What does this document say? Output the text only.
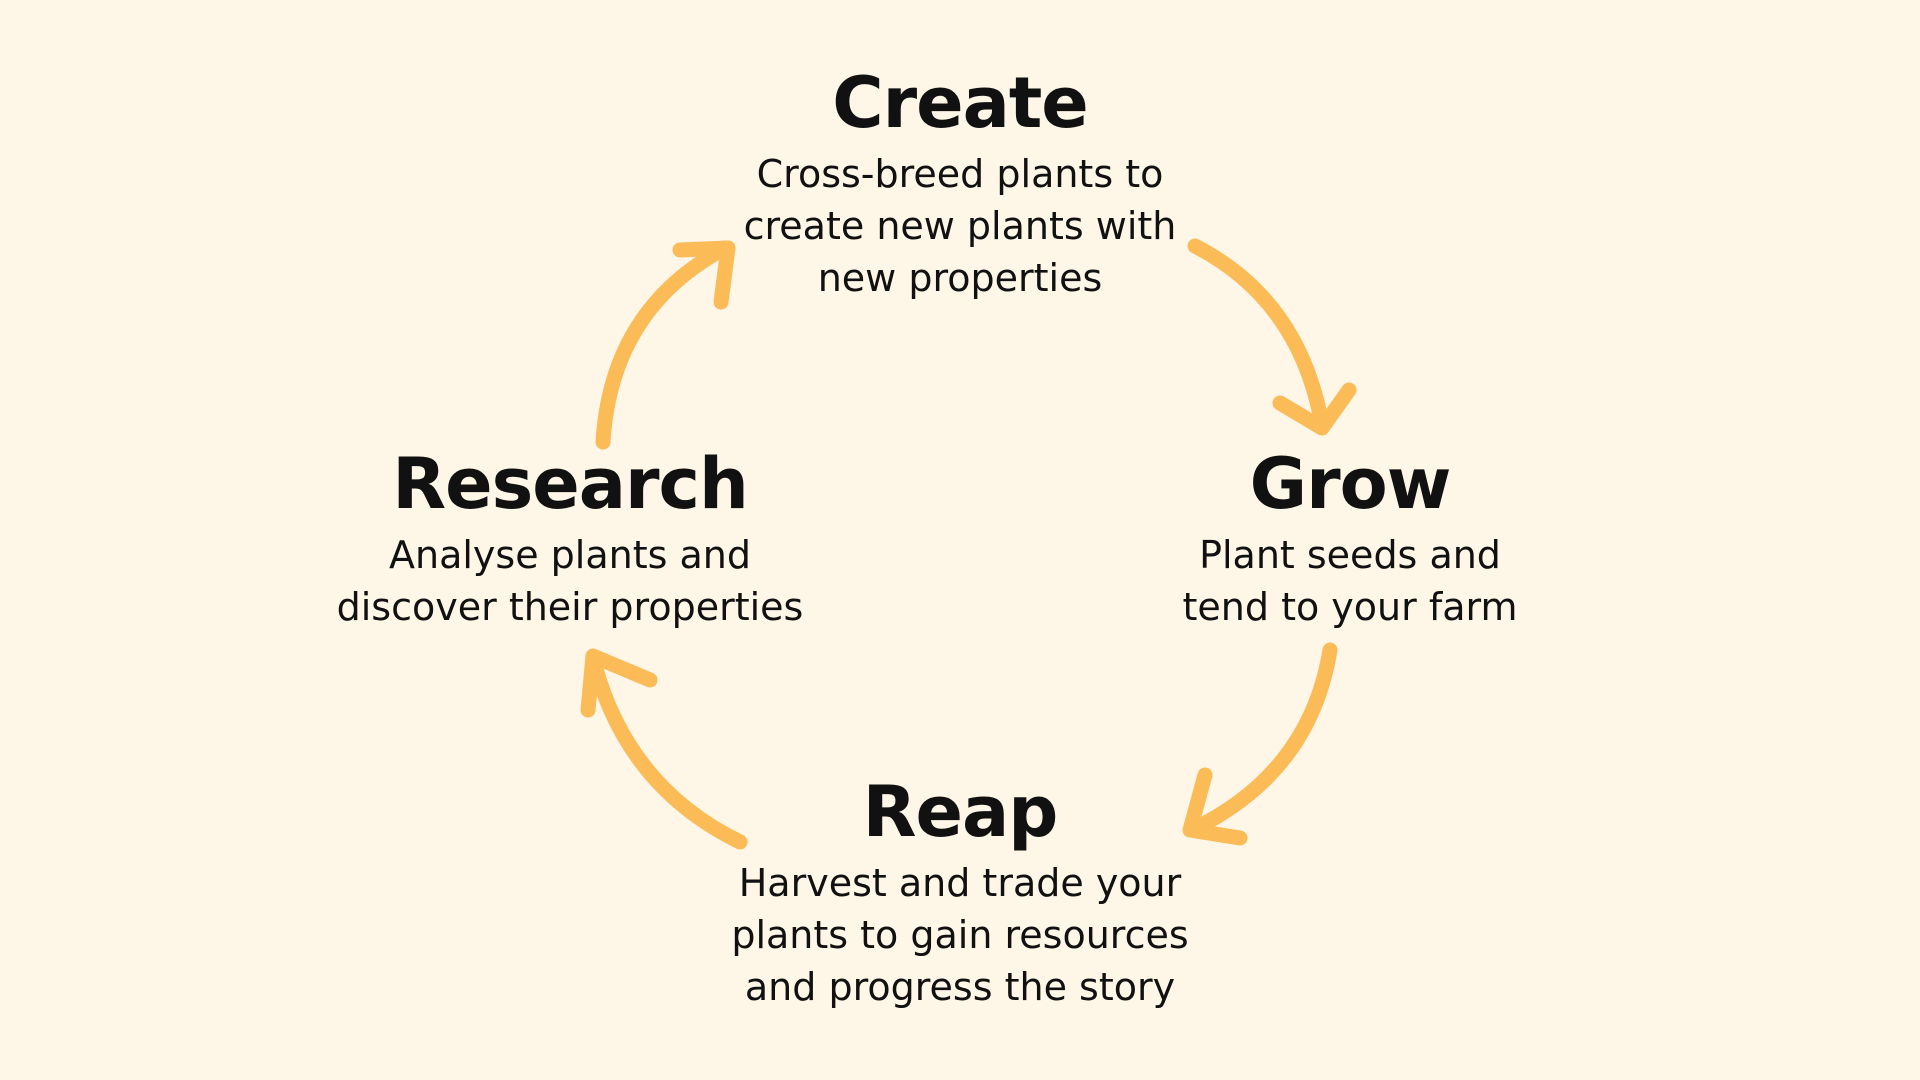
Create

Cross-breed plants to
create new plants with
new properties

Grow

Plant seeds and
tend to your farm

Reap

Harvest and trade your
plants to gain resources
and progress the story

Research

Analyse plants and
discover their properties
